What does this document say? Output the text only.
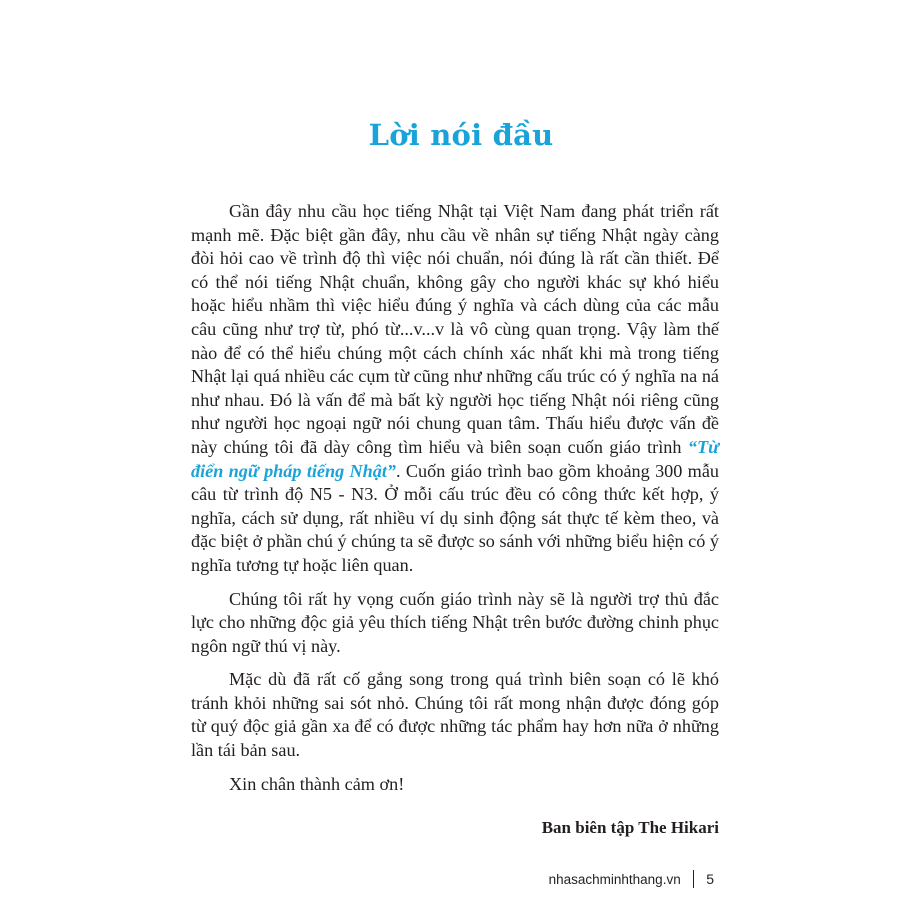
Lời nói đầu

Gần đây nhu cầu học tiếng Nhật tại Việt Nam đang phát triển rất mạnh mẽ. Đặc biệt gần đây, nhu cầu về nhân sự tiếng Nhật ngày càng đòi hỏi cao về trình độ thì việc nói chuẩn, nói đúng là rất cần thiết. Để có thể nói tiếng Nhật chuẩn, không gây cho người khác sự khó hiểu hoặc hiểu nhầm thì việc hiểu đúng ý nghĩa và cách dùng của các mẫu câu cũng như trợ từ, phó từ...v...v là vô cùng quan trọng. Vậy làm thế nào để có thể hiểu chúng một cách chính xác nhất khi mà trong tiếng Nhật lại quá nhiều các cụm từ cũng như những cấu trúc có ý nghĩa na ná như nhau. Đó là vấn để mà bất kỳ người học tiếng Nhật nói riêng cũng như người học ngoại ngữ nói chung quan tâm. Thấu hiểu được vấn đề này chúng tôi đã dày công tìm hiểu và biên soạn cuốn giáo trình “Từ điển ngữ pháp tiếng Nhật”. Cuốn giáo trình bao gồm khoảng 300 mẫu câu từ trình độ N5 - N3. Ở mỗi cấu trúc đều có công thức kết hợp, ý nghĩa, cách sử dụng, rất nhiều ví dụ sinh động sát thực tế kèm theo, và đặc biệt ở phần chú ý chúng ta sẽ được so sánh với những biểu hiện có ý nghĩa tương tự hoặc liên quan.

Chúng tôi rất hy vọng cuốn giáo trình này sẽ là người trợ thủ đắc lực cho những độc giả yêu thích tiếng Nhật trên bước đường chinh phục ngôn ngữ thú vị này.

Mặc dù đã rất cố gắng song trong quá trình biên soạn có lẽ khó tránh khỏi những sai sót nhỏ. Chúng tôi rất mong nhận được đóng góp từ quý độc giả gần xa để có được những tác phẩm hay hơn nữa ở những lần tái bản sau.

Xin chân thành cảm ơn!

Ban biên tập The Hikari

nhasachminhthang.vn 5
